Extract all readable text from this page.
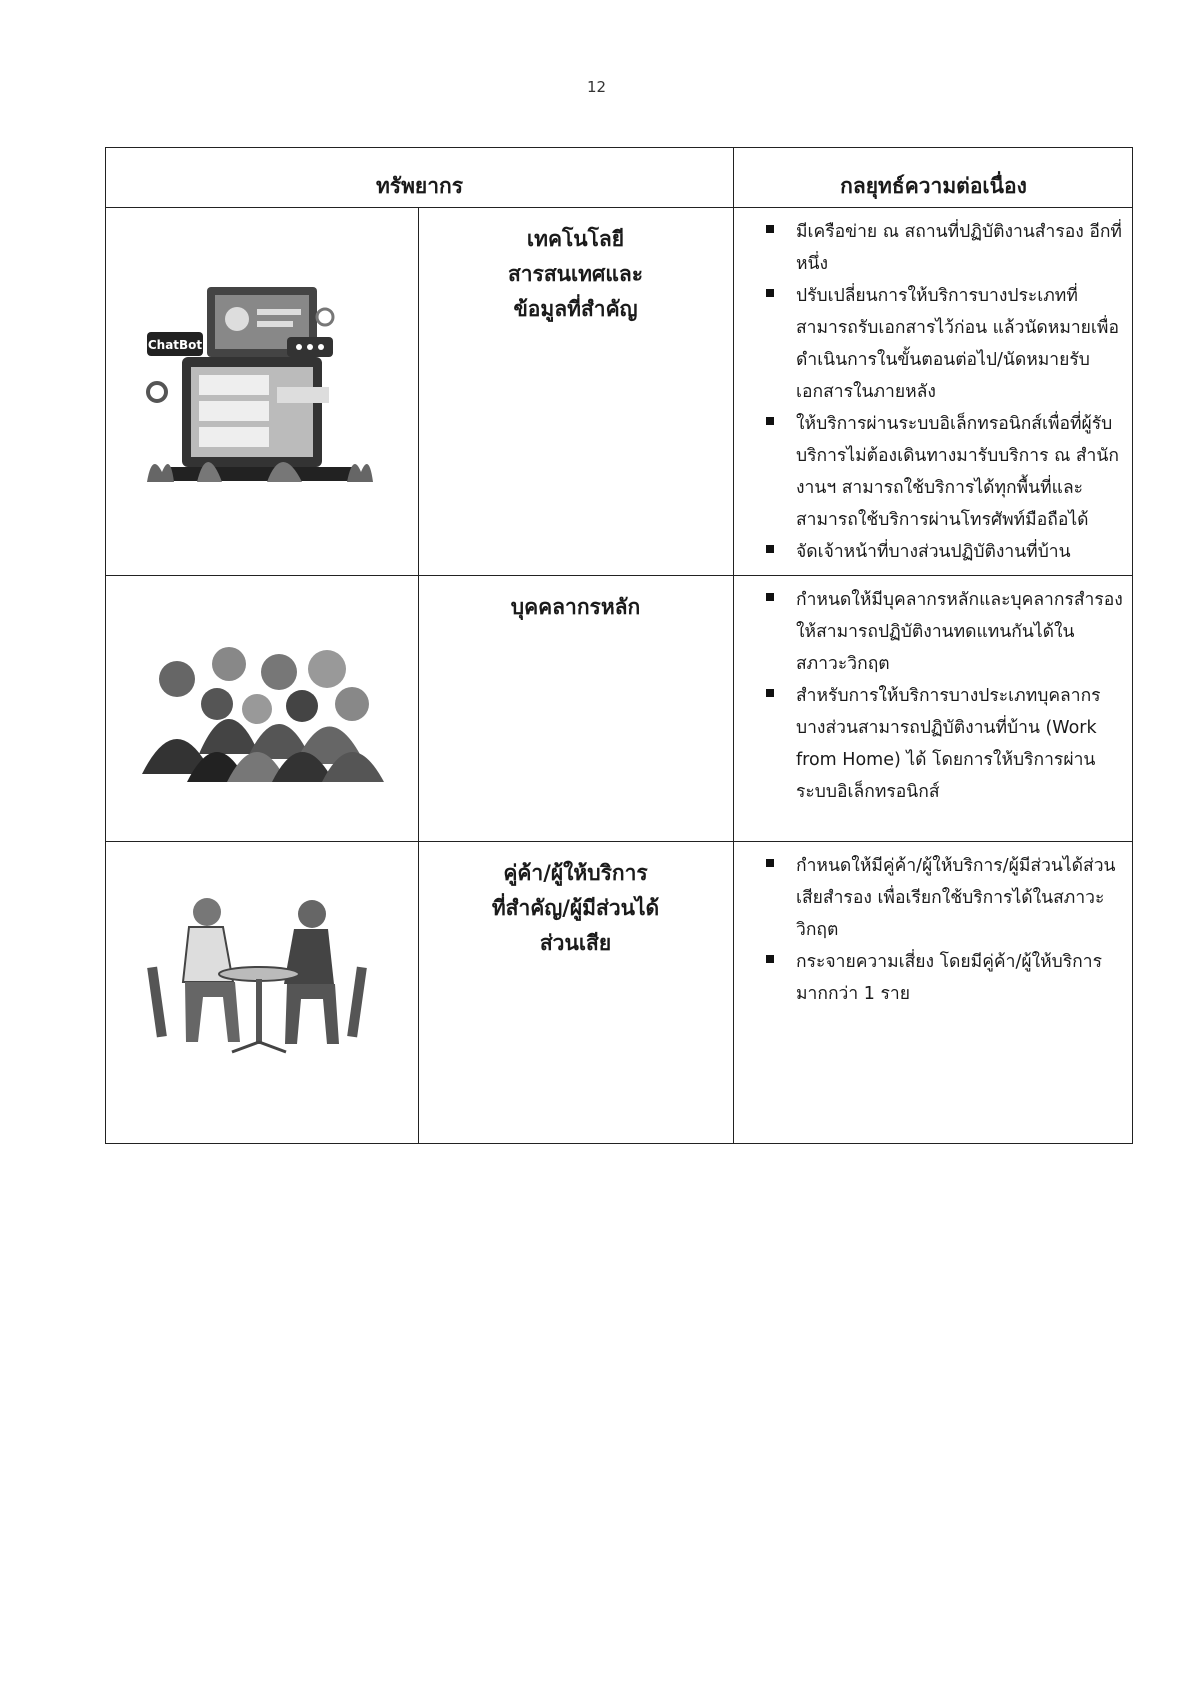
12
ทรัพยากร	กลยุทธ์ความต่อเนื่อง
ChatBot
เทคโนโลยี
สารสนเทศและ
ข้อมูลที่สำคัญ
มีเครือข่าย ณ สถานที่ปฏิบัติงานสำรอง อีกที่หนึ่ง
ปรับเปลี่ยนการให้บริการบางประเภทที่สามารถรับเอกสารไว้ก่อน แล้วนัดหมายเพื่อดำเนินการในขั้นตอนต่อไป/นัดหมายรับเอกสารในภายหลัง
ให้บริการผ่านระบบอิเล็กทรอนิกส์เพื่อที่ผู้รับบริการไม่ต้องเดินทางมารับบริการ ณ สำนักงานฯ สามารถใช้บริการได้ทุกพื้นที่และสามารถใช้บริการผ่านโทรศัพท์มือถือได้
จัดเจ้าหน้าที่บางส่วนปฏิบัติงานที่บ้าน
บุคคลากรหลัก	กำหนดให้มีบุคลากรหลักและบุคลากรสำรอง ให้สามารถปฏิบัติงานทดแทนกันได้ในสภาวะวิกฤต
สำหรับการให้บริการบางประเภทบุคลากรบางส่วนสามารถปฏิบัติงานที่บ้าน (Work from Home) ได้ โดยการให้บริการผ่านระบบอิเล็กทรอนิกส์
คู่ค้า/ผู้ให้บริการ
ที่สำคัญ/ผู้มีส่วนได้
ส่วนเสีย
กำหนดให้มีคู่ค้า/ผู้ให้บริการ/ผู้มีส่วนได้ส่วนเสียสำรอง เพื่อเรียกใช้บริการได้ในสภาวะวิกฤต
กระจายความเสี่ยง โดยมีคู่ค้า/ผู้ให้บริการมากกว่า 1 ราย
